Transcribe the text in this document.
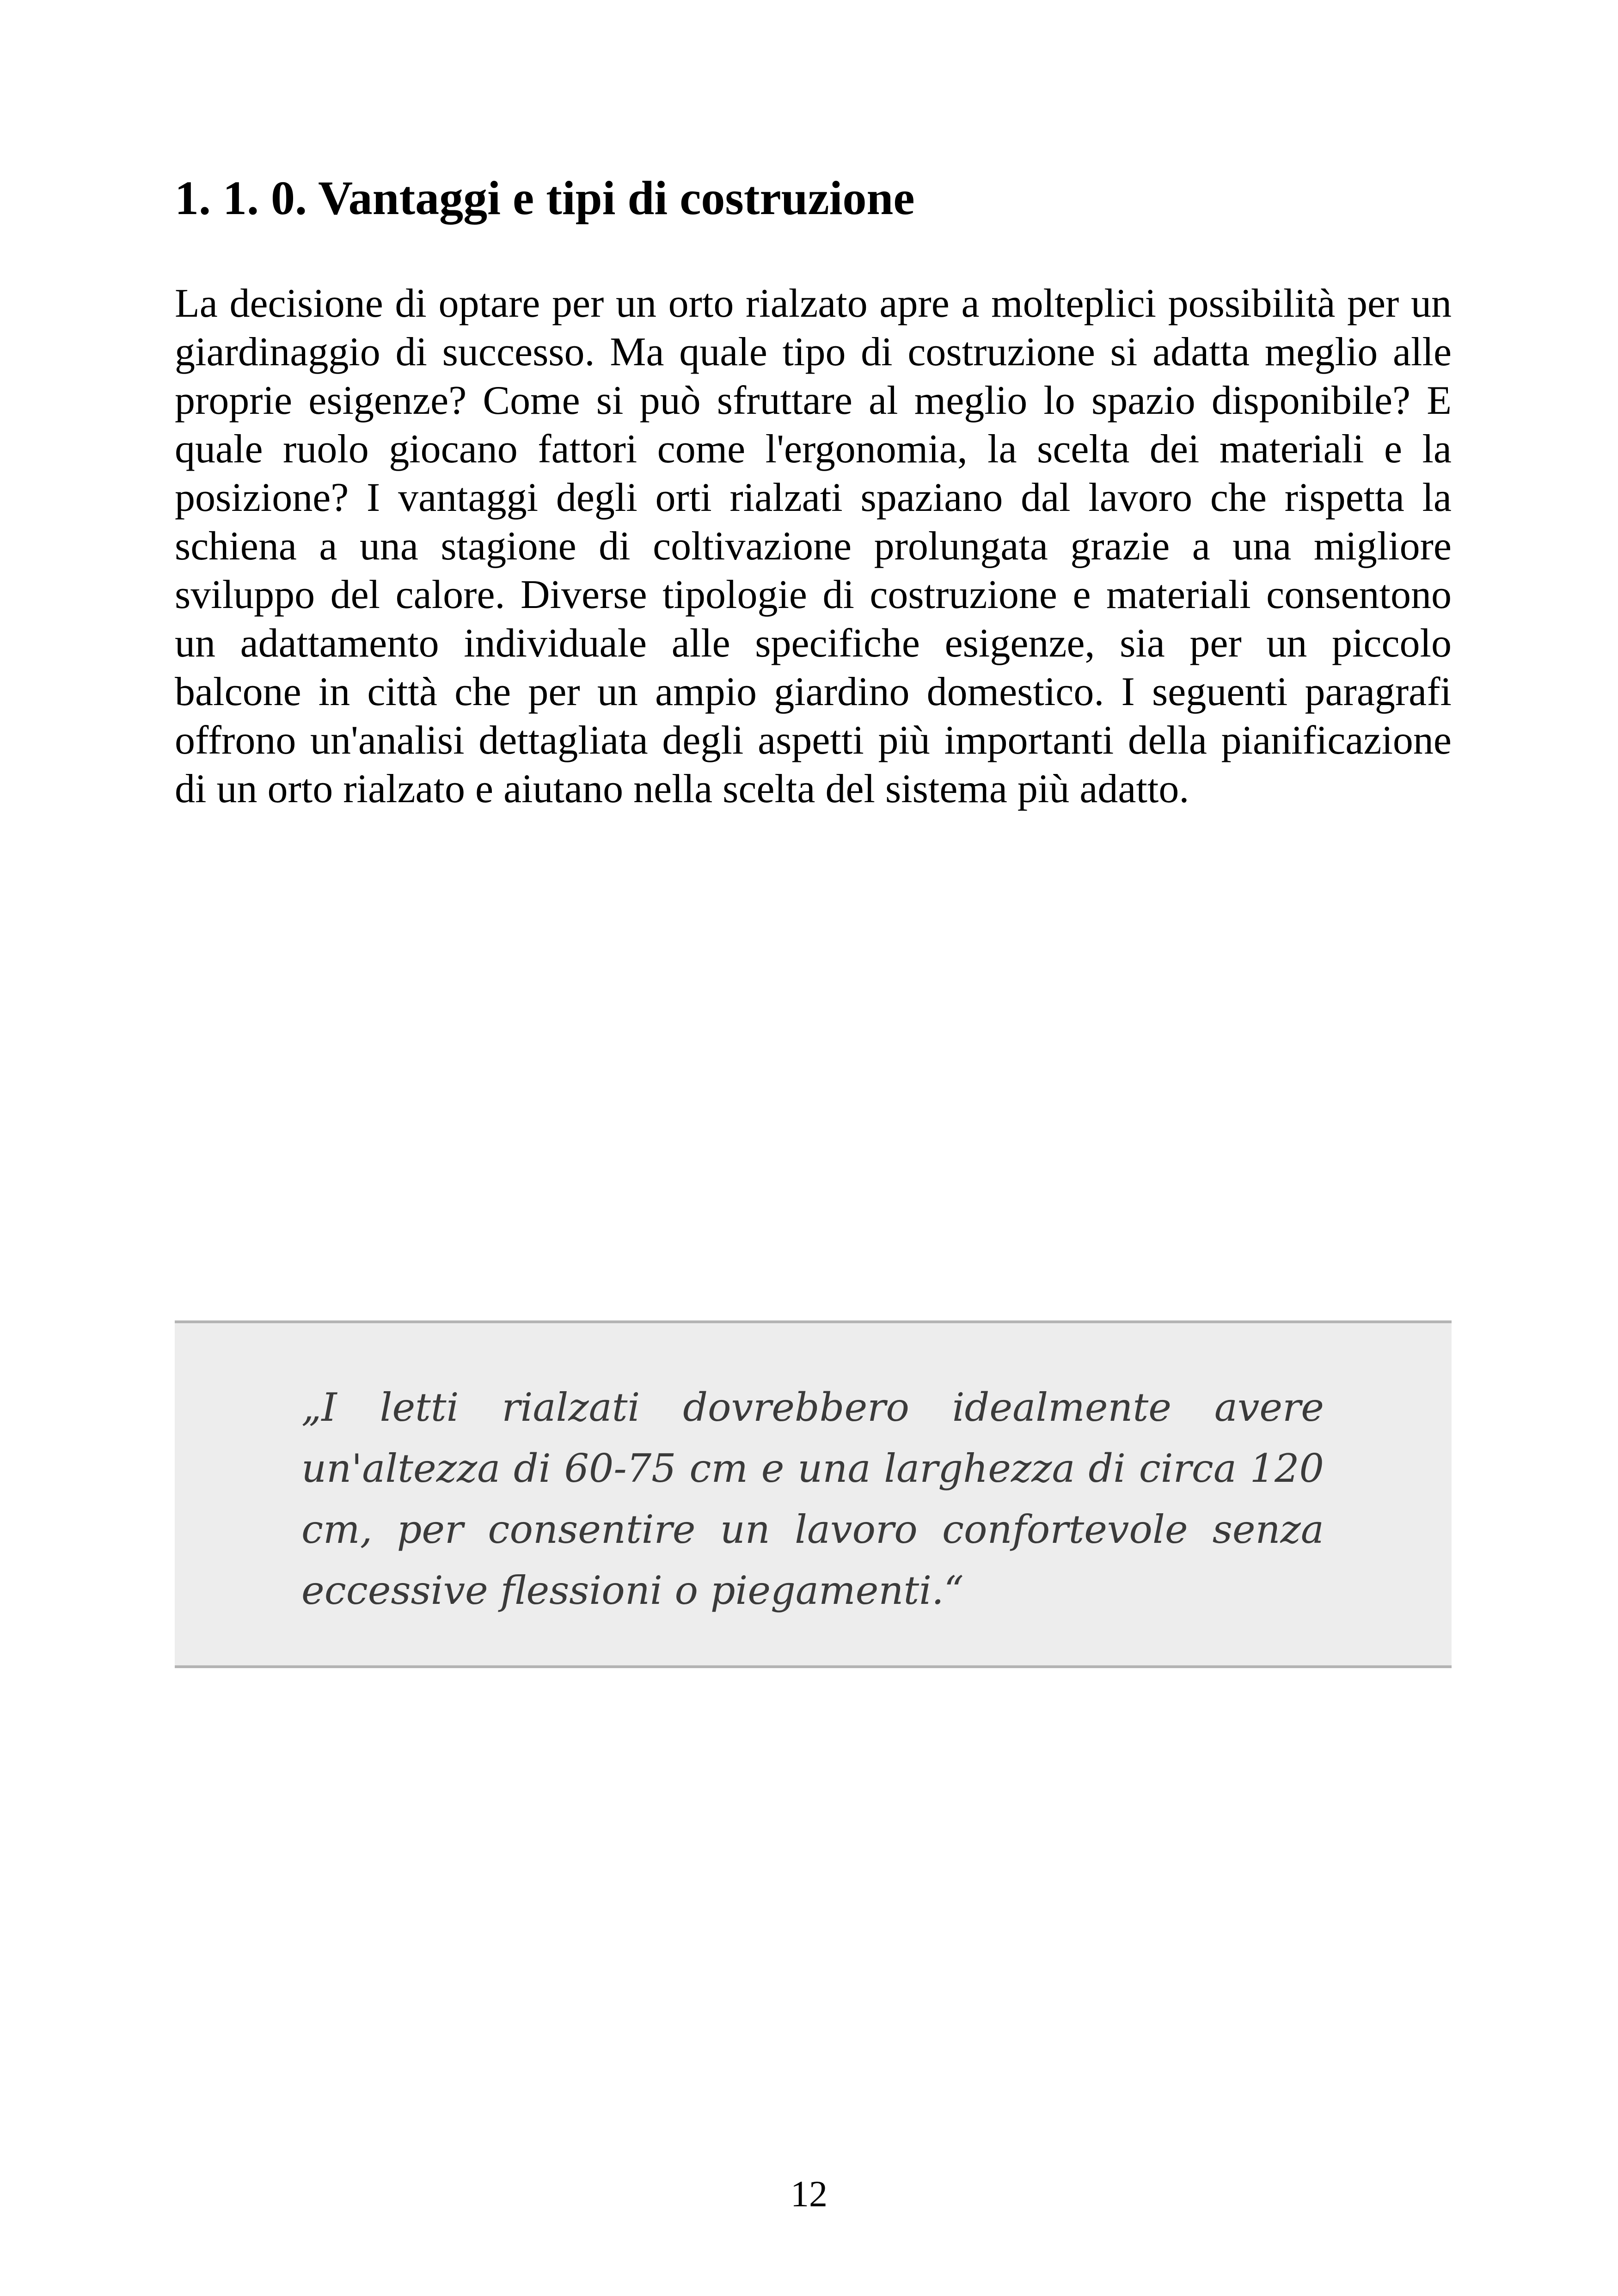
1. 1. 0. Vantaggi e tipi di costruzione

La decisione di optare per un orto rialzato apre a molteplici possibilità per un giardinaggio di successo. Ma quale tipo di costruzione si adatta meglio alle proprie esigenze? Come si può sfruttare al meglio lo spazio disponibile? E quale ruolo giocano fattori come l'ergonomia, la scelta dei materiali e la posizione? I vantaggi degli orti rialzati spaziano dal lavoro che rispetta la schiena a una stagione di coltivazione prolungata grazie a una migliore sviluppo del calore. Diverse tipologie di costruzione e materiali consentono un adattamento individuale alle specifiche esigenze, sia per un piccolo balcone in città che per un ampio giardino domestico. I seguenti paragrafi offrono un'analisi dettagliata degli aspetti più importanti della pianificazione di un orto rialzato e aiutano nella scelta del sistema più adatto.

„I letti rialzati dovrebbero idealmente avere un'altezza di 60-75 cm e una larghezza di circa 120 cm, per consentire un lavoro confortevole senza eccessive flessioni o piegamenti.“

12
